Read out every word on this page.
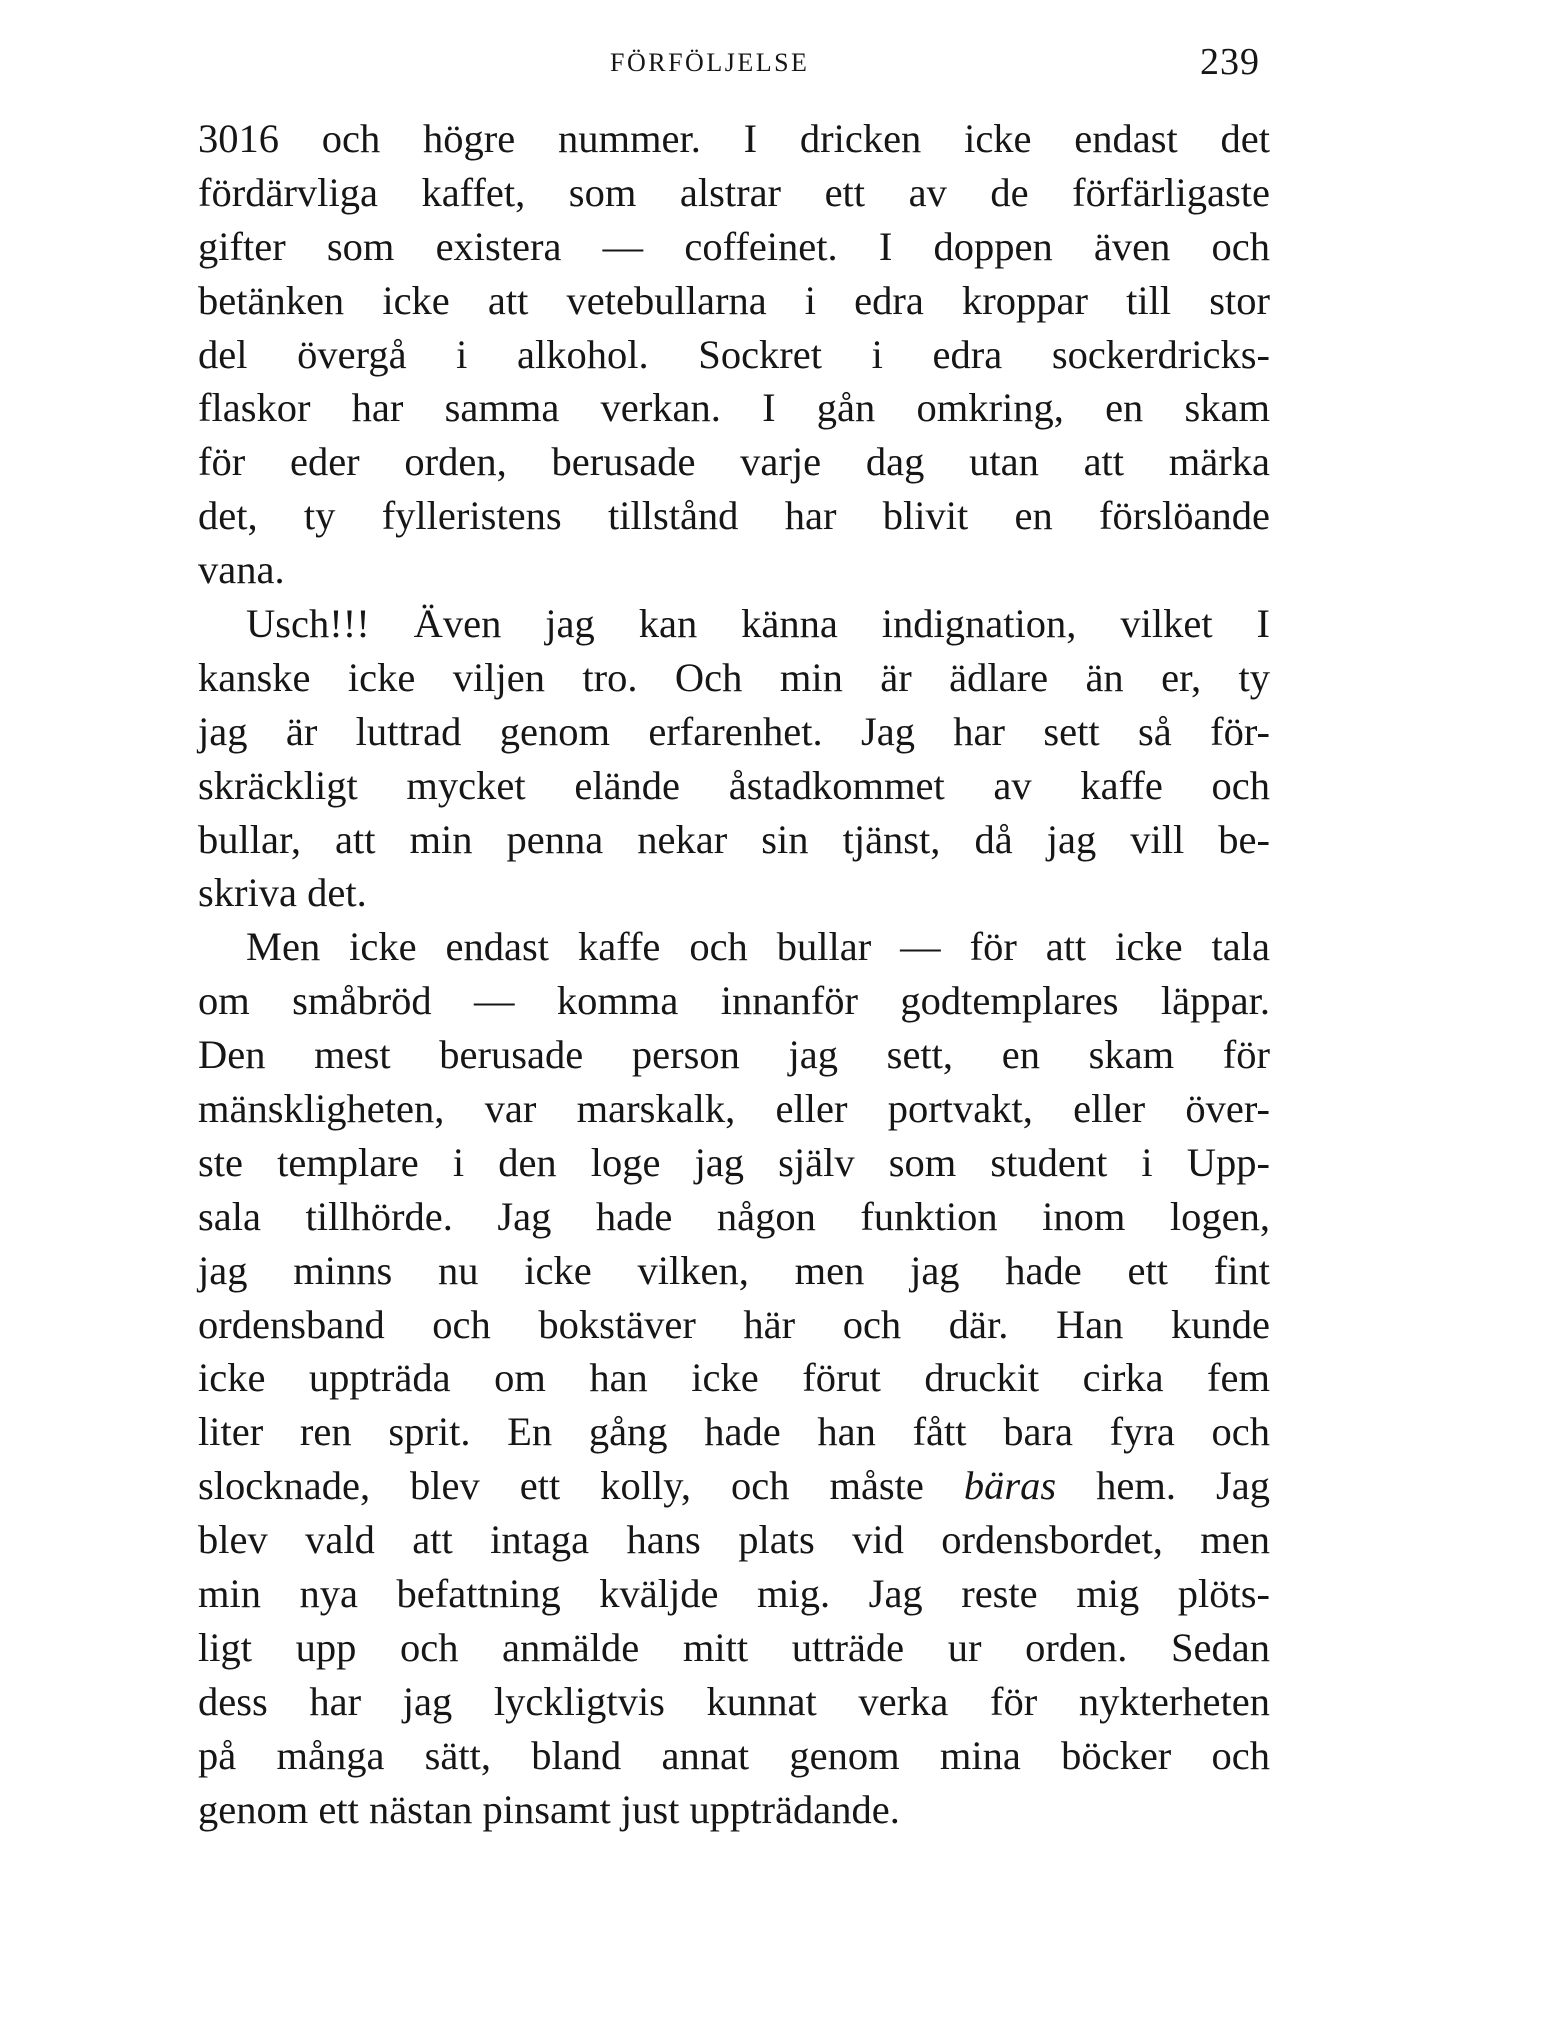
FÖRFÖLJELSE	239
3016 och högre nummer. I dricken icke endast det
fördärvliga kaffet, som alstrar ett av de förfärligaste
gifter som existera — coffeinet. I doppen även och
betänken icke att vetebullarna i edra kroppar till stor
del övergå i alkohol. Sockret i edra sockerdricks-
flaskor har samma verkan. I gån omkring, en skam
för eder orden, berusade varje dag utan att märka
det, ty fylleristens tillstånd har blivit en förslöande
vana.
Usch!!! Även jag kan känna indignation, vilket I
kanske icke viljen tro. Och min är ädlare än er, ty
jag är luttrad genom erfarenhet. Jag har sett så för-
skräckligt mycket elände åstadkommet av kaffe och
bullar, att min penna nekar sin tjänst, då jag vill be-
skriva det.
Men icke endast kaffe och bullar — för att icke tala
om småbröd — komma innanför godtemplares läppar.
Den mest berusade person jag sett, en skam för
mänskligheten, var marskalk, eller portvakt, eller över-
ste templare i den loge jag själv som student i Upp-
sala tillhörde. Jag hade någon funktion inom logen,
jag minns nu icke vilken, men jag hade ett fint
ordensband och bokstäver här och där. Han kunde
icke uppträda om han icke förut druckit cirka fem
liter ren sprit. En gång hade han fått bara fyra och
slocknade, blev ett kolly, och måste bäras hem. Jag
blev vald att intaga hans plats vid ordensbordet, men
min nya befattning kväljde mig. Jag reste mig plöts-
ligt upp och anmälde mitt utträde ur orden. Sedan
dess har jag lyckligtvis kunnat verka för nykterheten
på många sätt, bland annat genom mina böcker och
genom ett nästan pinsamt just uppträdande.
